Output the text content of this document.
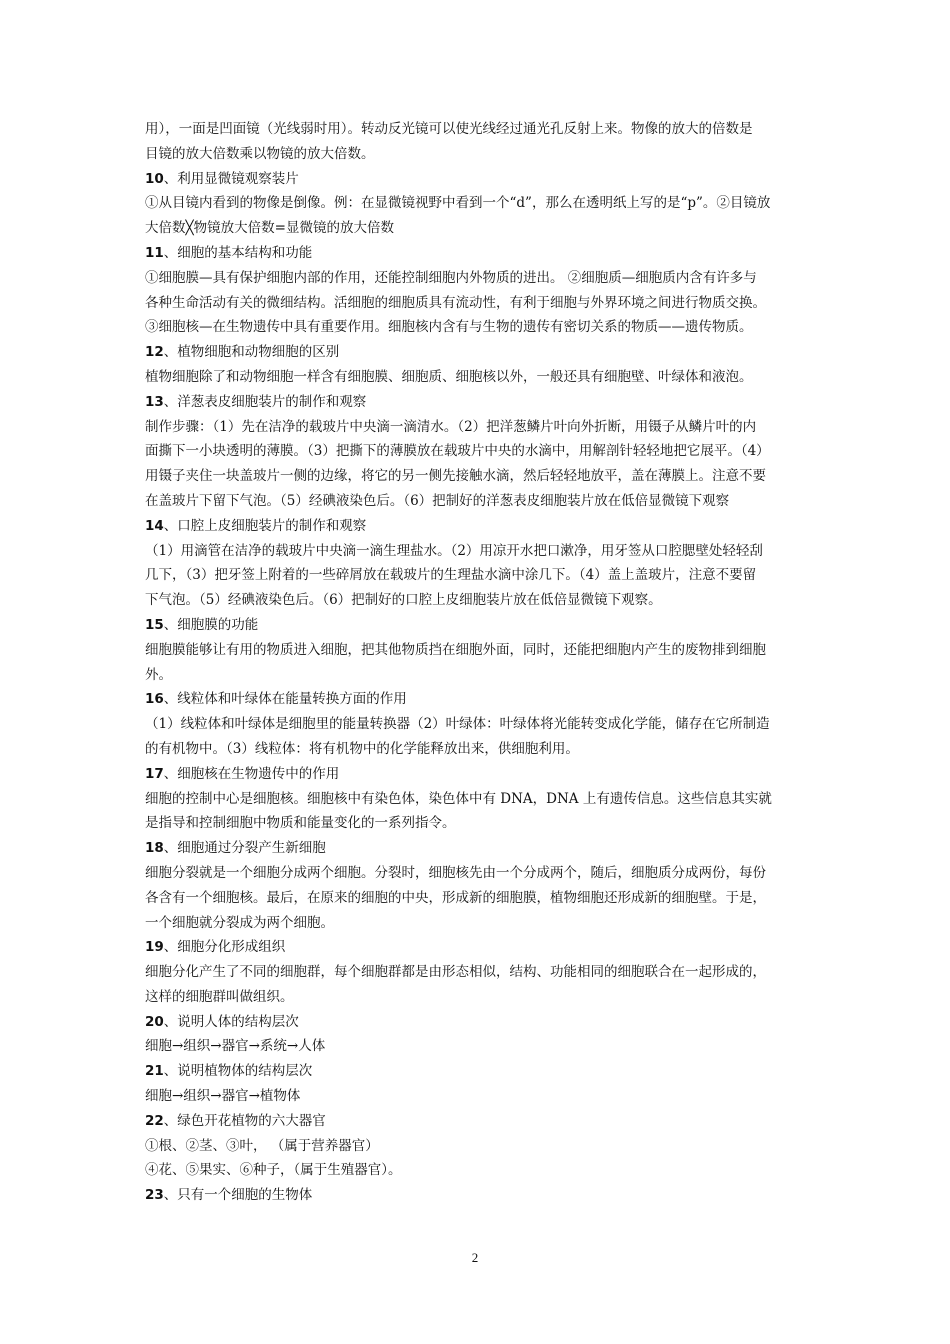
用），一面是凹面镜（光线弱时用）。转动反光镜可以使光线经过通光孔反射上来。物像的放大的倍数是
目镜的放大倍数乘以物镜的放大倍数。
10、利用显微镜观察装片
①从目镜内看到的物像是倒像。例：在显微镜视野中看到一个“d”，那么在透明纸上写的是“p”。②目镜放
大倍数╳物镜放大倍数=显微镜的放大倍数
11、细胞的基本结构和功能
①细胞膜—具有保护细胞内部的作用，还能控制细胞内外物质的进出。 ②细胞质—细胞质内含有许多与
各种生命活动有关的微细结构。活细胞的细胞质具有流动性，有利于细胞与外界环境之间进行物质交换。
③细胞核—在生物遗传中具有重要作用。细胞核内含有与生物的遗传有密切关系的物质——遗传物质。
12、植物细胞和动物细胞的区别
植物细胞除了和动物细胞一样含有细胞膜、细胞质、细胞核以外，一般还具有细胞壁、叶绿体和液泡。
13、洋葱表皮细胞装片的制作和观察
制作步骤：（1）先在洁净的载玻片中央滴一滴清水。（2）把洋葱鳞片叶向外折断，用镊子从鳞片叶的内
面撕下一小块透明的薄膜。（3）把撕下的薄膜放在载玻片中央的水滴中，用解剖针轻轻地把它展平。（4）
用镊子夹住一块盖玻片一侧的边缘，将它的另一侧先接触水滴，然后轻轻地放平，盖在薄膜上。注意不要
在盖玻片下留下气泡。（5）经碘液染色后。（6）把制好的洋葱表皮细胞装片放在低倍显微镜下观察
14、口腔上皮细胞装片的制作和观察
（1）用滴管在洁净的载玻片中央滴一滴生理盐水。（2）用凉开水把口漱净，用牙签从口腔腮壁处轻轻刮
几下，（3）把牙签上附着的一些碎屑放在载玻片的生理盐水滴中涂几下。（4）盖上盖玻片，注意不要留
下气泡。（5）经碘液染色后。（6）把制好的口腔上皮细胞装片放在低倍显微镜下观察。
15、细胞膜的功能
细胞膜能够让有用的物质进入细胞，把其他物质挡在细胞外面，同时，还能把细胞内产生的废物排到细胞
外。
16、线粒体和叶绿体在能量转换方面的作用
（1）线粒体和叶绿体是细胞里的能量转换器（2）叶绿体：叶绿体将光能转变成化学能，储存在它所制造
的有机物中。（3）线粒体：将有机物中的化学能释放出来，供细胞利用。
17、细胞核在生物遗传中的作用
细胞的控制中心是细胞核。细胞核中有染色体，染色体中有 DNA，DNA 上有遗传信息。这些信息其实就
是指导和控制细胞中物质和能量变化的一系列指令。
18、细胞通过分裂产生新细胞
细胞分裂就是一个细胞分成两个细胞。分裂时，细胞核先由一个分成两个，随后，细胞质分成两份，每份
各含有一个细胞核。最后，在原来的细胞的中央，形成新的细胞膜，植物细胞还形成新的细胞壁。于是，
一个细胞就分裂成为两个细胞。
19、细胞分化形成组织
细胞分化产生了不同的细胞群，每个细胞群都是由形态相似，结构、功能相同的细胞联合在一起形成的，
这样的细胞群叫做组织。
20、说明人体的结构层次
细胞→组织→器官→系统→人体
21、说明植物体的结构层次
细胞→组织→器官→植物体
22、绿色开花植物的六大器官
①根、②茎、③叶， （属于营养器官）
④花、⑤果实、⑥种子，（属于生殖器官）。
23、只有一个细胞的生物体
2
